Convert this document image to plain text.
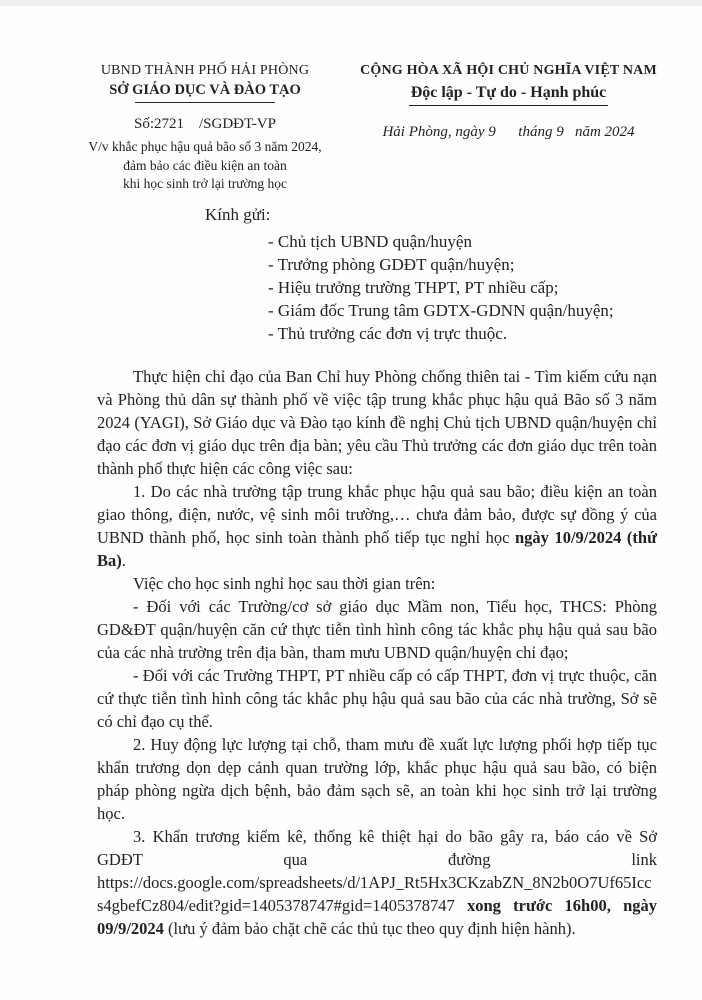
UBND THÀNH PHỐ HẢI PHÒNG
SỞ GIÁO DỤC VÀ ĐÀO TẠO
Số:2721    /SGDĐT-VP
V/v khắc phục hậu quả bão số 3 năm 2024,
đảm bảo các điều kiện an toàn
khi học sinh trở lại trường học
CỘNG HÒA XÃ HỘI CHỦ NGHĨA VIỆT NAM
Độc lập - Tự do - Hạnh phúc
Hải Phòng, ngày 9      tháng 9   năm 2024
Kính gửi:
- Chủ tịch UBND quận/huyện
- Trưởng phòng GDĐT quận/huyện;
- Hiệu trưởng trường THPT, PT nhiều cấp;
- Giám đốc Trung tâm GDTX-GDNN quận/huyện;
- Thủ trưởng các đơn vị trực thuộc.

Thực hiện chỉ đạo của Ban Chỉ huy Phòng chống thiên tai - Tìm kiếm cứu nạn và Phòng thủ dân sự thành phố về việc tập trung khắc phục hậu quả Bão số 3 năm 2024 (YAGI), Sở Giáo dục và Đào tạo kính đề nghị Chủ tịch UBND quận/huyện chỉ đạo các đơn vị giáo dục trên địa bàn; yêu cầu Thủ trưởng các đơn giáo dục trên toàn thành phố thực hiện các công việc sau:

1. Do các nhà trường tập trung khắc phục hậu quả sau bão; điều kiện an toàn giao thông, điện, nước, vệ sinh môi trường,… chưa đảm bảo, được sự đồng ý của UBND thành phố, học sinh toàn thành phố tiếp tục nghỉ học ngày 10/9/2024 (thứ Ba).

Việc cho học sinh nghỉ học sau thời gian trên:

- Đối với các Trường/cơ sở giáo dục Mầm non, Tiểu học, THCS: Phòng GD&ĐT quận/huyện căn cứ thực tiễn tình hình công tác khắc phụ hậu quả sau bão của các nhà trường trên địa bàn, tham mưu UBND quận/huyện chỉ đạo;

- Đối với các Trường THPT, PT nhiều cấp có cấp THPT, đơn vị trực thuộc, căn cứ thực tiễn tình hình công tác khắc phụ hậu quả sau bão của các nhà trường, Sở sẽ có chỉ đạo cụ thể.

2. Huy động lực lượng tại chỗ, tham mưu đề xuất lực lượng phối hợp tiếp tục khẩn trương dọn dẹp cảnh quan trường lớp, khắc phục hậu quả sau bão, có biện pháp phòng ngừa dịch bệnh, bảo đảm sạch sẽ, an toàn khi học sinh trở lại trường học.

3. Khẩn trương kiểm kê, thống kê thiệt hại do bão gây ra, báo cáo về Sở GDĐT qua đường link https://docs.google.com/spreadsheets/d/1APJ_Rt5Hx3CKzabZN_8N2b0O7Uf65Iccs4gbefCz804/edit?gid=1405378747#gid=1405378747 xong trước 16h00, ngày 09/9/2024 (lưu ý đảm bảo chặt chẽ các thủ tục theo quy định hiện hành).
